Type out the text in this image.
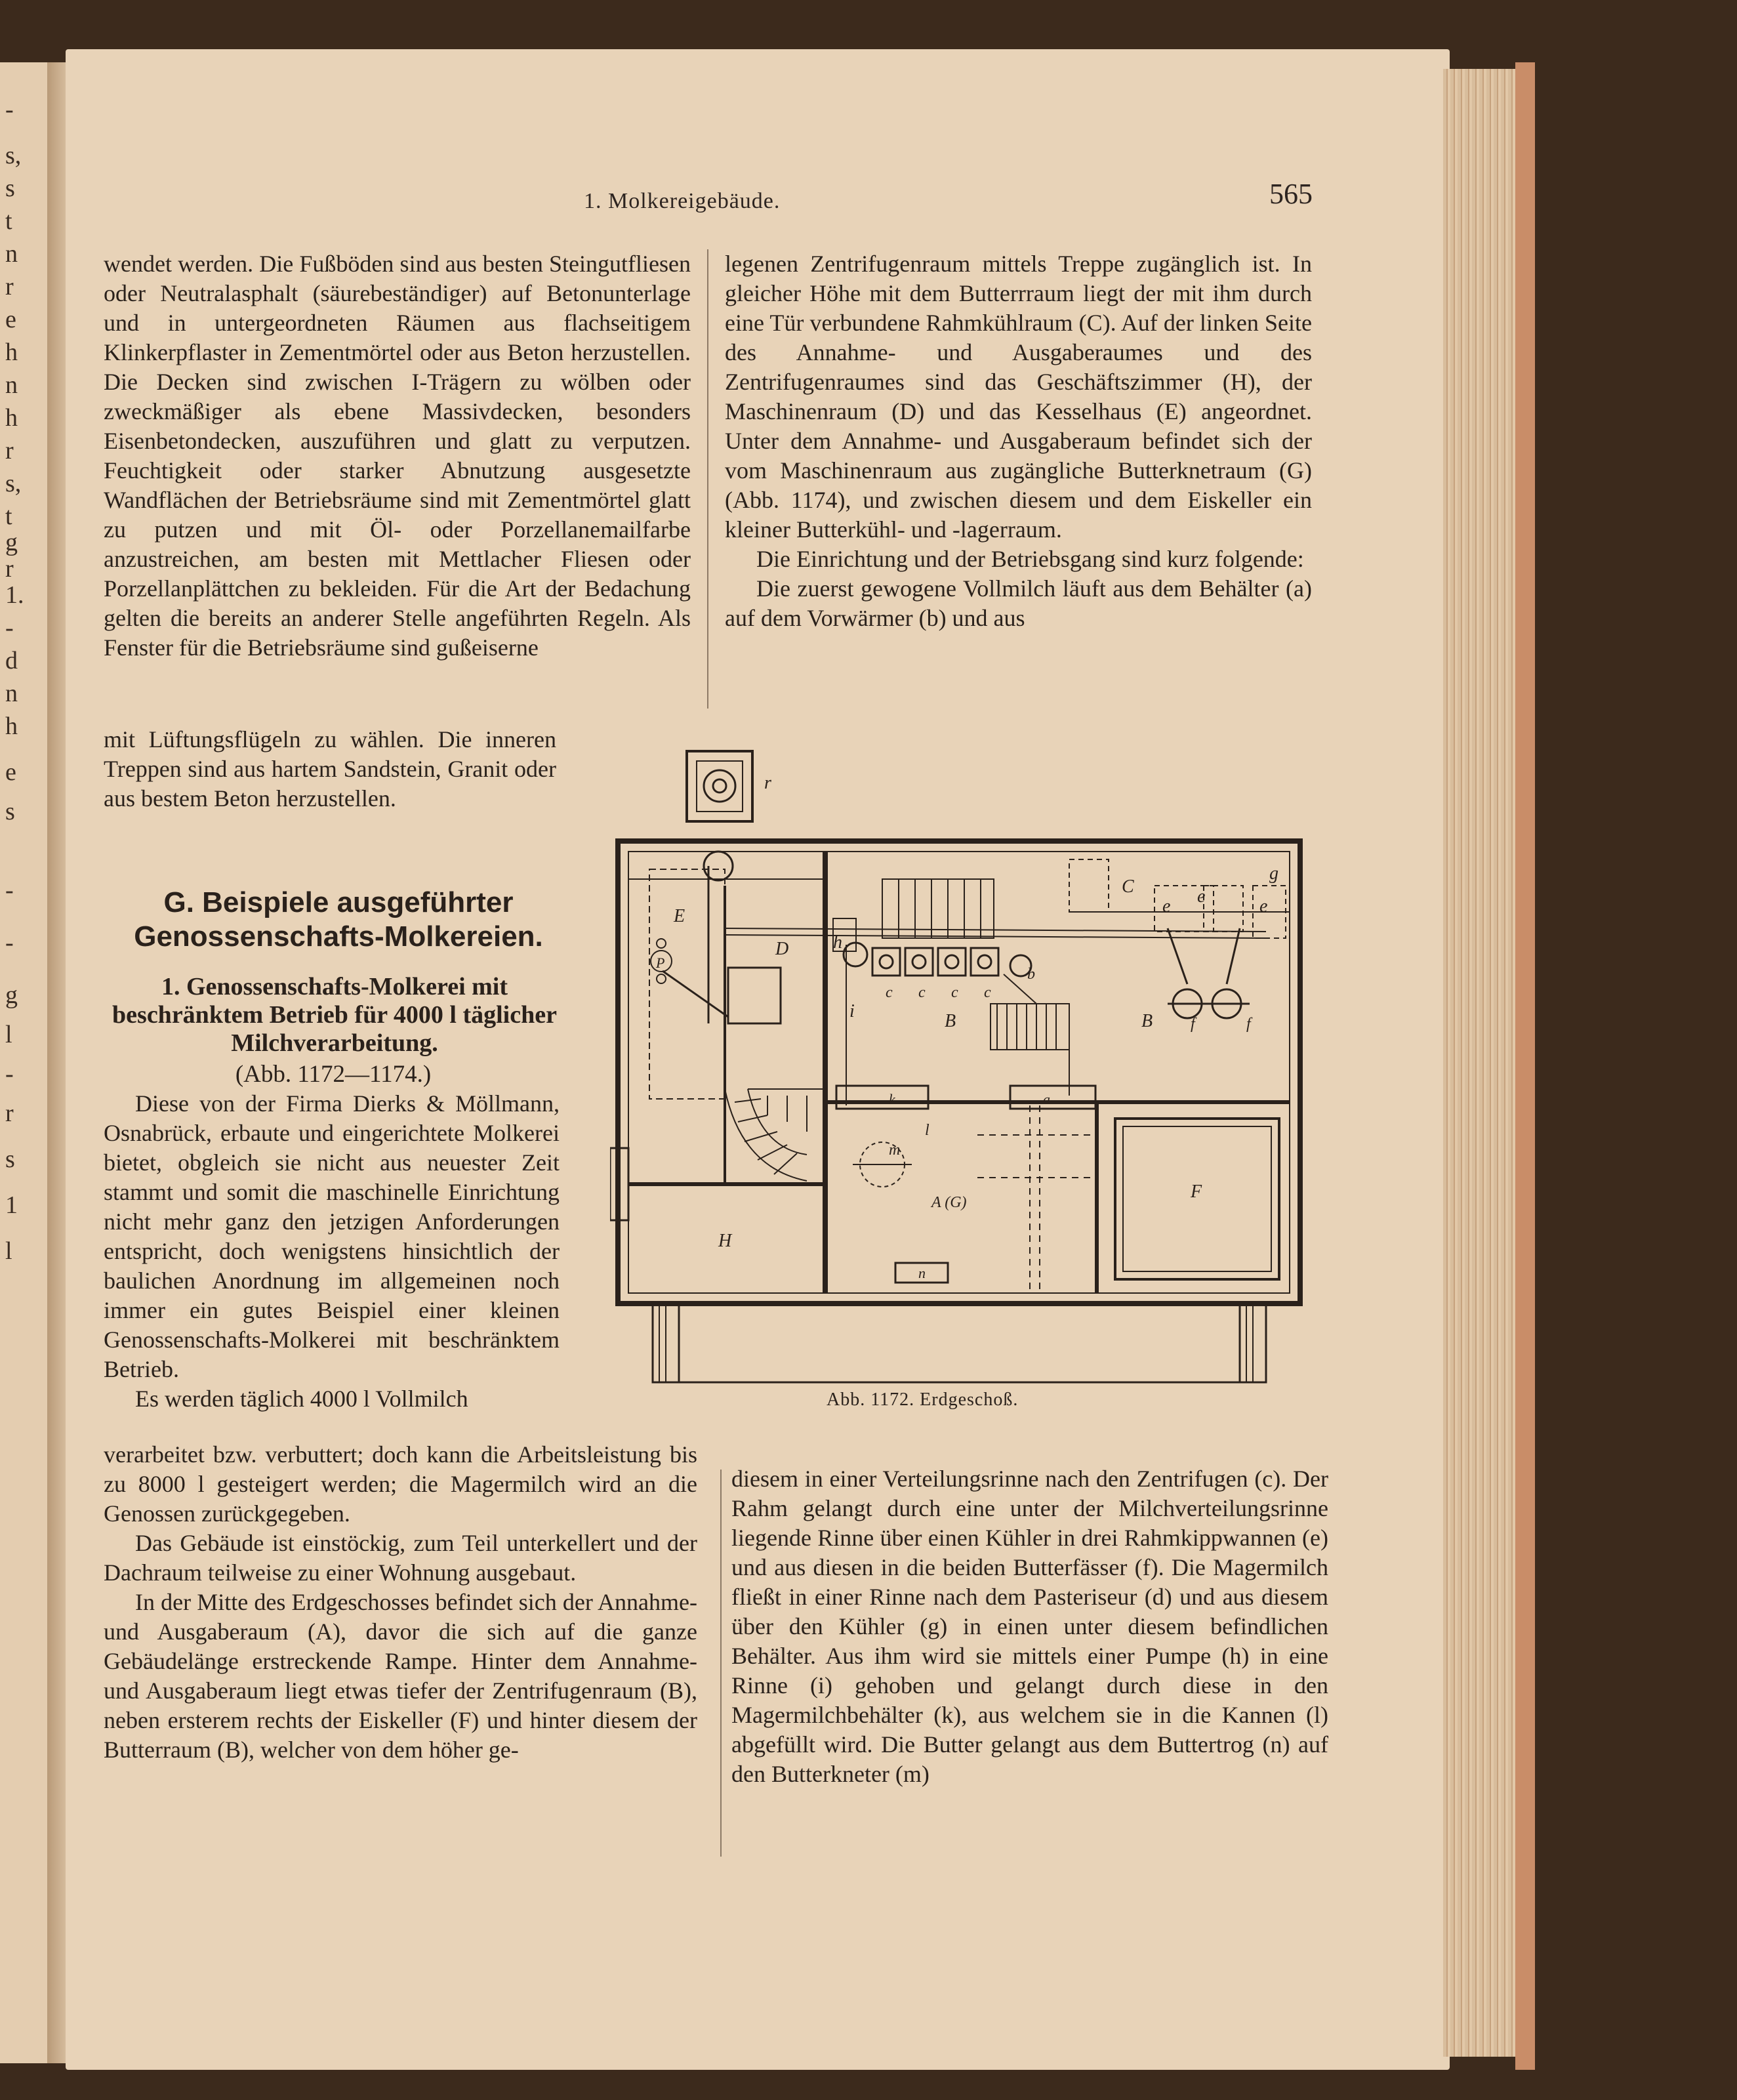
-
s,
s
t
n
r
e
h
n
h
r
s,
t
g
r
1.
-
d
n
h
e
s
-
-
g
l
-
r
s
1
l
1. Molkereigebäude.	565

wendet werden. Die Fußböden sind aus besten Steingutfliesen oder Neutralasphalt (säurebeständiger) auf Betonunterlage und in untergeordneten Räumen aus flachseitigem Klinkerpflaster in Zementmörtel oder aus Beton herzustellen. Die Decken sind zwischen I-Trägern zu wölben oder zweckmäßiger als ebene Massivdecken, besonders Eisenbetondecken, auszuführen und glatt zu verputzen. Feuchtigkeit oder starker Abnutzung ausgesetzte Wandflächen der Betriebsräume sind mit Zementmörtel glatt zu putzen und mit Öl- oder Porzellanemailfarbe anzustreichen, am besten mit Mettlacher Fliesen oder Porzellanplättchen zu bekleiden. Für die Art der Bedachung gelten die bereits an anderer Stelle angeführten Regeln. Als Fenster für die Betriebsräume sind gußeiserne

mit Lüftungsflügeln zu wählen. Die inneren Treppen sind aus hartem Sandstein, Granit oder aus bestem Beton herzustellen.

legenen Zentrifugenraum mittels Treppe zugänglich ist. In gleicher Höhe mit dem Butterrraum liegt der mit ihm durch eine Tür verbundene Rahmkühlraum (C). Auf der linken Seite des Annahme- und Ausgaberaumes und des Zentrifugenraumes sind das Geschäftszimmer (H), der Maschinenraum (D) und das Kesselhaus (E) angeordnet. Unter dem Annahme- und Ausgaberaum befindet sich der vom Maschinenraum aus zugängliche Butterknetraum (G) (Abb. 1174), und zwischen diesem und dem Eiskeller ein kleiner Butterkühl- und -lagerraum.

Die Einrichtung und der Betriebsgang sind kurz folgende:

Die zuerst gewogene Vollmilch läuft aus dem Behälter (a) auf dem Vorwärmer (b) und aus

G. Beispiele ausgeführter Genossenschafts-Molkereien.
1. Genossenschafts-Molkerei mit beschränktem Betrieb für 4000 l täglicher Milchverarbeitung.
(Abb. 1172—1174.)

Diese von der Firma Dierks & Möllmann, Osnabrück, erbaute und eingerichtete Molkerei bietet, obgleich sie nicht aus neuester Zeit stammt und somit die maschinelle Einrichtung nicht mehr ganz den jetzigen Anforderungen entspricht, doch wenigstens hinsichtlich der baulichen Anordnung im allgemeinen noch immer ein gutes Beispiel einer kleinen Genossenschafts-Molkerei mit beschränktem Betrieb.

Es werden täglich 4000 l Vollmilch

verarbeitet bzw. verbuttert; doch kann die Arbeitsleistung bis zu 8000 l gesteigert werden; die Magermilch wird an die Genossen zurückgegeben.

Das Gebäude ist einstöckig, zum Teil unterkellert und der Dachraum teilweise zu einer Wohnung ausgebaut.

In der Mitte des Erdgeschosses befindet sich der Annahme- und Ausgaberaum (A), davor die sich auf die ganze Gebäudelänge erstreckende Rampe. Hinter dem Annahme- und Ausgaberaum liegt etwas tiefer der Zentrifugenraum (B), neben ersterem rechts der Eiskeller (F) und hinter diesem der Butterraum (B), welcher von dem höher ge-

diesem in einer Verteilungsrinne nach den Zentrifugen (c). Der Rahm gelangt durch eine unter der Milchverteilungsrinne liegende Rinne über einen Kühler in drei Rahmkippwannen (e) und aus diesen in die beiden Butterfässer (f). Die Magermilch fließt in einer Rinne nach dem Pasteriseur (d) und aus diesem über den Kühler (g) in einen unter diesem befindlichen Behälter. Aus ihm wird sie mittels einer Pumpe (h) in eine Rinne (i) gehoben und gelangt durch diese in den Magermilchbehälter (k), aus welchem sie in die Kannen (l) abgefüllt wird. Die Butter gelangt aus dem Buttertrog (n) auf den Butterkneter (m)

r
E
P
D
C
e e	e
g
h
c c c c
b
B	B f	f
i
k	a
l
m
A (G)
F
H
n
Abb. 1172. Erdgeschoß.
